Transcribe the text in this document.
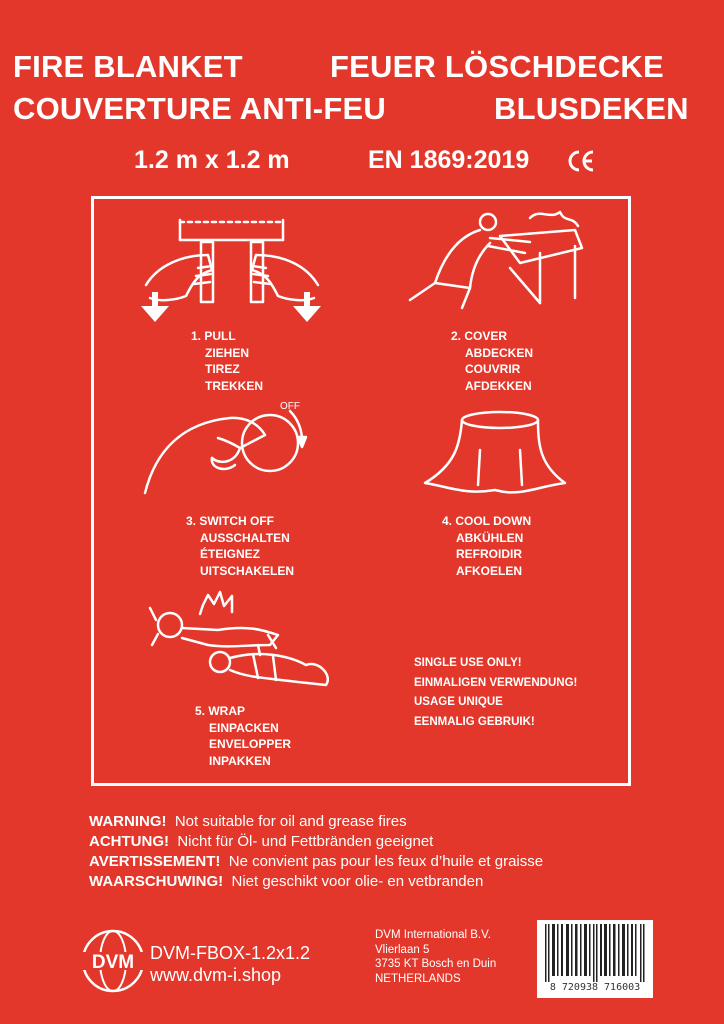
FIRE BLANKET	FEUER LÖSCHDECKE
COUVERTURE ANTI-FEU	BLUSDEKEN
1.2 m x 1.2 m	EN 1869:2019
OFF
1. PULL
ZIEHEN
TIREZ
TREKKEN
2. COVER
ABDECKEN
COUVRIR
AFDEKKEN
3. SWITCH OFF
AUSSCHALTEN
ÉTEIGNEZ
UITSCHAKELEN
4. COOL DOWN
ABKÜHLEN
REFROIDIR
AFKOELEN
5. WRAP
EINPACKEN
ENVELOPPER
INPAKKEN
SINGLE USE ONLY!
EINMALIGEN VERWENDUNG!
USAGE UNIQUE
EENMALIG GEBRUIK!
WARNING! Not suitable for oil and grease fires
ACHTUNG! Nicht für Öl- und Fettbränden geeignet
AVERTISSEMENT! Ne convient pas pour les feux d’huile et graisse
WAARSCHUWING! Niet geschikt voor olie- en vetbranden
DVM DVM-FBOX-1.2x1.2
www.dvm-i.shop
DVM International B.V.
Vlierlaan 5
3735 KT Bosch en Duin
NETHERLANDS
8 720938 716003
